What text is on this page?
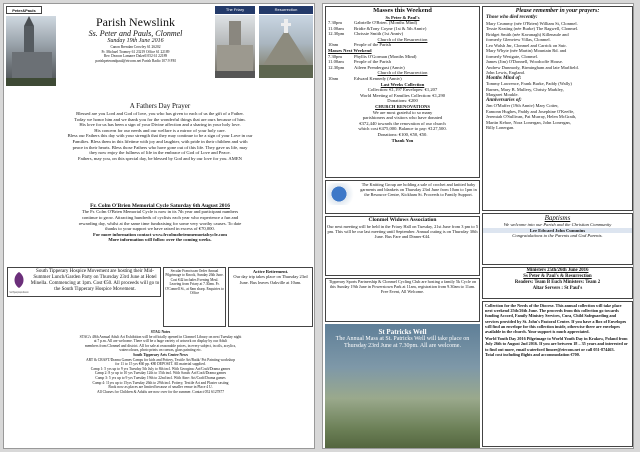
Peter&Pauls	The Friary	Resurrection
Parish Newslink
Ss. Peter and Pauls, Clonmel
Sunday 19th June 2016
Canon Brendan Crowley 61 26202
Fr. Michael Toomey 61 23219 Office 61 22189
Rev. Deacon Lamarre Dalzell 052 61 22189
parishpeterandpaul@eircom.net Parish Radio 107.9 FM
A Fathers Day Prayer
Blessed are you Lord and God of love, you who has given to each of us the gift of a Father.
Today we honor him and we thank you for the wonderful things that are ours because of him.
His love for us has been a sign of your Divine affection and a sharing in your holy love.
His concern for our needs and our welfare is a mirror of your holy care.
Bless our Fathers this day with your strength that they may continue to be a sign of your Love in our
Families. Bless them in this lifetime with joy and laughter, with pride in their children and with
peace in their hearts. Bless those Fathers who have gone out of this life. They gave us life, may
they now enjoy the fullness of life in the embrace of God of Love and Peace.
Fathers, may you, on this special day, be blessed by God and by our love for you. AMEN
Fr. Colm O'Brien Memorial Cycle Saturday 6th August 2016
The Fr. Colm O'Brien Memorial Cycle is now in its 7th year and participant numbers
continue to grow. Attracting hundreds of cyclists each year who experience a fun and
rewarding day, whilst at the same time fundraising for some very worthy causes. To date
thanks to your support we have raised in excess of €70,000.
For more information contact www.frcolmobrienmemorialcycle.com
More information will follow over the coming weeks.
South Tipperary Hospice Movement
South Tipperary Hospice Movement are hosting their Mid-Summer Lunch/Garden Party on Thursday 23rd June at Hotel Minella. Commencing at 1pm. Cost €50. All proceeds will go to the South Tipperary Hospice Movement.
Secular Franciscan Order Annual Pilgrimage to Knock, Sunday 26th June. Cost €42 includes Evening Meal. Leaving from Friary at 7.30am. Fr. O'Connell St., at 8am sharp. Enquiries to Office
Active Retirement.
Our day trip takes place on Thursday 23rd June. Bus leaves Oakville at 10am.
STAG Notes
STAG's 48th Annual Adult Art Exhibition will be officially opened in Clonmel Library on next Tuesday night
at 7 p.m. All are welcome. There will be a huge variety of artwork on display by our Adult
members from Clonmel and district. All for sale at reasonable prices, in every subject, in oils, acrylics,
watercolours, photo prints on canvas, glass painting etc.
South Tipperary Arts Centre News
ART & CRAFT/Drama Games Camps for kids and Pottery, Textile Art/Batik/ Pot Painting workshop
for 11 to 15 yrs €60 pp. €80 DEPOSIT. All material supplied.
Camp 1: 5 yrs up to 9 yrs Tuesday 5th July to 8th incl. With Georgina: Art/Craft/Drama games
Camp 2: 8 yr up to 10 yrs Tuesday 12th to 15th incl. With Sarah: Art/Craft/Drama games
Camp 3: 5 yrs up to 9 yrs Tuesday 19th to 22nd incl. With Aine: Art/Craft/Drama games
Camp 4: 11yrs up to 15yrs Tuesday 26th to 29th incl. Pottery, Textile Art and Plaster casting
Book now as places are limited because of smaller venue in Place 4 U.
All Classes for Children & Adults are now over for the summer. Contact 052 6127877
Masses this Weekend
Ss Peter & Paul's
7.30pm	Gabrielle O'Brien. (Months Mind)
11.00am	Bridie &Tony Coyne (1st & 5th Anniv)
12.30pm	Chrissie Smith (1st Anniv)
Church of the Resurrection
10am	People of the Parish
Masses Next Weekend
7.30pm	Phyllis O'Gorman (Months Mind)
11.00am	People of the Parish
12.30pm	Aileen Prendergast (Anniv)
Church of the Resurrection
10am	Edward Kennedy (Anniv)
Last Weeks Collection
Collection: €1,197 Envelopes: €1,207
World Meeting of Families Collection: €1,290
Donations: €200
CHURCH RENOVATIONS
We are most grateful to so many
parishioners and visitors who have donated
€372,440 towards the renovation of our church
which cost €475,000. Balance to pay: €127,500.
Donations: €100, €50, €50.
Thank You
Please remember in your prayers:
Those who died recently:
Mary Crummy (née O'Brien) William St, Clonmel.
Tessie Keating (née Burke) The Ragwell, Clonmel.
Bridget Smith (née Kavanagh) Killenaule and
formerly Glenview Villas, Clonmel.
Leo Walsh Jnr, Clonmel and Carrick on Suir.
Mary Whyte (née Martin) Mountain Rd. and
formerly Westgate, Clonmel.
James (Jim) O'Donnell, Woodcoffe House.
Andrew Dunmody, Birmingham and late Marlfield.
John Lewis, England.
Months Mind of:
Tommy Lawrence, Frank Burke, Paddy (Wally)
Barnes, Mary B. Mullery, Christy Markley,
Margaret Moukle.
Anniversaries of:
Jim O'Maffer (19th Anniv) Mary Cotter,
Eamonn Hughes, Paddy and Josephine O'Keeffe,
Jeremiah O'Sullivan, Pat Murray, Helen McGrath,
Martin Kehoe, Nora Lonergan, John Lonergan,
Billy Lonergan.
The Knitting Group are holding a sale of crochet and knitted baby garments and blankets on Thursday 23rd June from 10am to 1pm in the Resource Centre, Kickham St. Proceeds to Family Support.
Baptisms
We welcome into our Parish and the Christian Community
Lee Edward John Cummins
Congratulations to the Parents and God Parents.
Clonmel Widows Association
Our next meeting will be held in the Friary Hall on Tuesday, 21st June from 3 pm to 5 pm. This will be our last meeting until September. Annual outing is on Thursday 30th June. Bus Fare and Dinner €44.
Ministers 25th/26th June 2016
Ss Peter & Paul's & Resurrection
Readers: Team B Euch Ministers: Team 2
Altar Servers : St Paul's
Tipperary Sports Partnership & Clonmel Cycling Club are hosting a family 5k Cycle on this Sunday 19th June in Powerstown Park at 11am, registration from 9.30am to 11am. Free Event, All Welcome.
Collection for the Needs of the Diocese. This annual collection will take place next weekend 25th/26th June. The proceeds from this collection go towards funding Accord, Family Ministry Services, Cura, Child Safeguarding and services provided by St. John's Pastoral Centre. If you have a Box of Envelopes will find an envelope for this collection inside, otherwise there are envelopes available in the church. Your support is much appreciated.
World Youth Day 2016 Pilgrimage to World Youth Day in Krakow, Poland from July 26th to August 2nd 2016. If you are between 18 – 35 years and interested or to find out more, email waterford limore@eircom.net or call 051-874463.
Total cost including flights and accommodation €700.
St Patricks Well
The Annual Mass at St. Patricks Well will take place on Thursday 23rd June at 7.30pm. All are welcome.
